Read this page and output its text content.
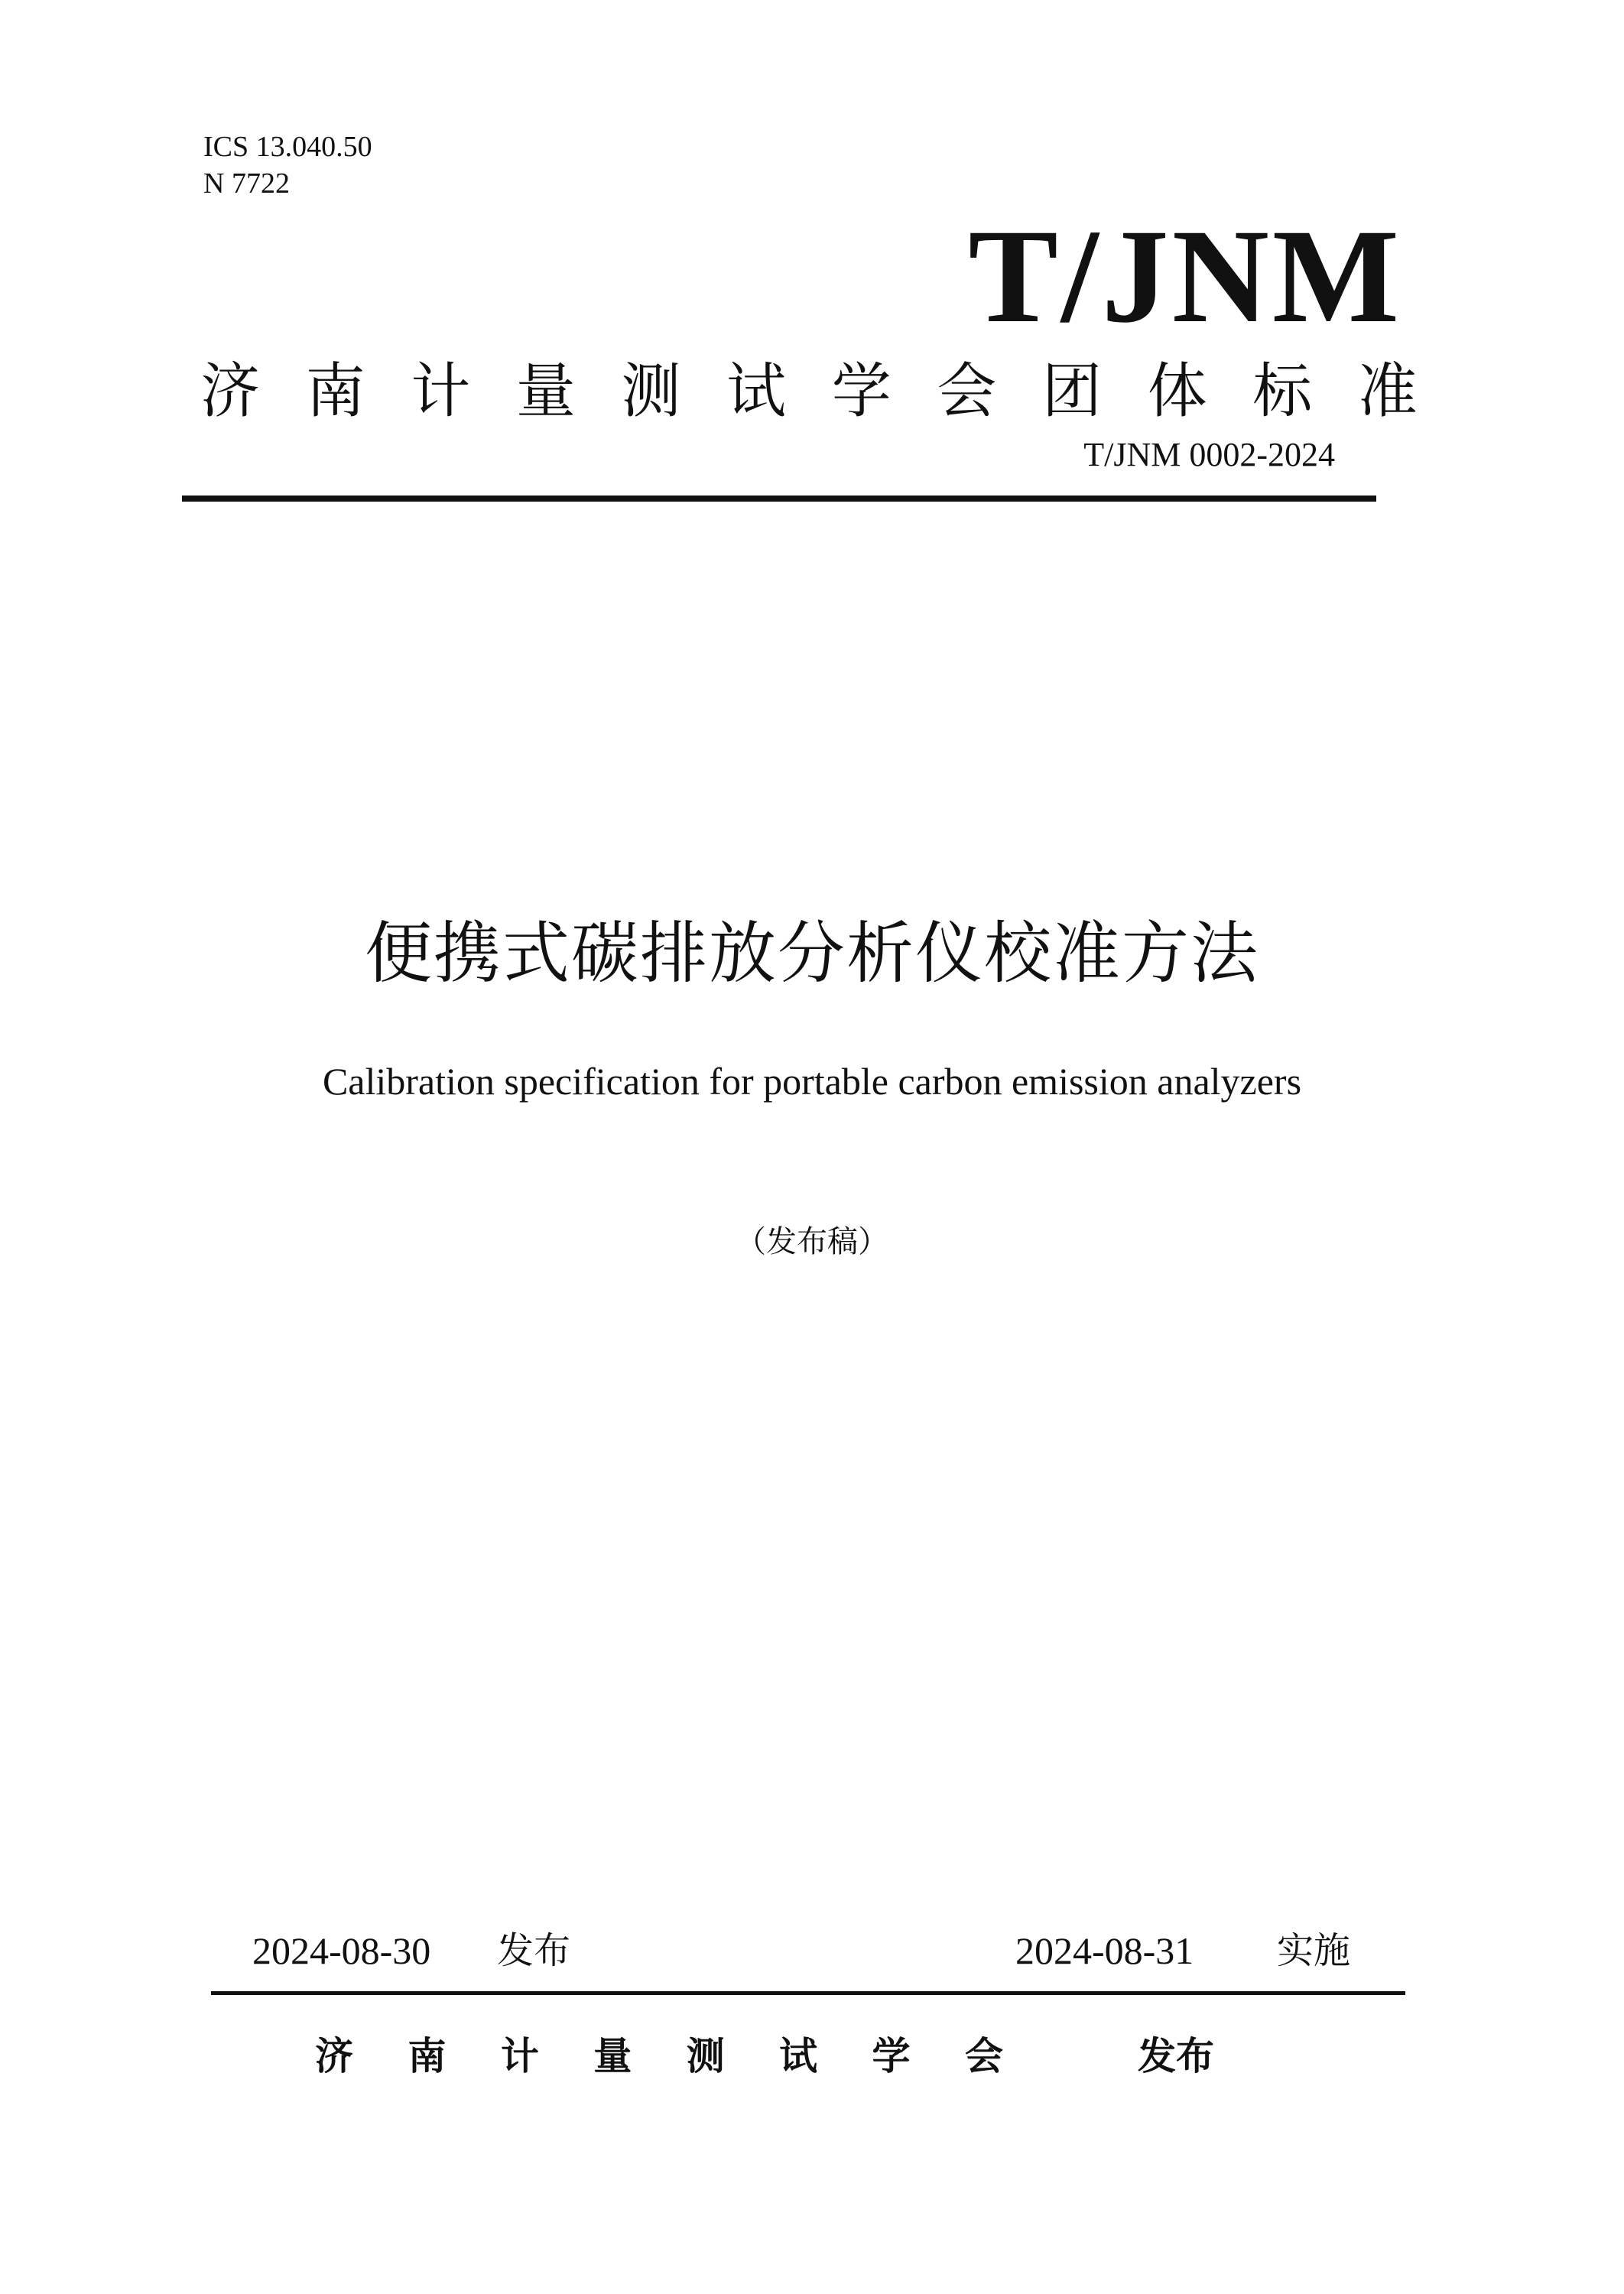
ICS 13.040.50
N 7722
T/JNM
济 南 计 量 测 试 学 会 团 体 标 准
T/JNM 0002-2024
便携式碳排放分析仪校准方法
Calibration specification for portable carbon emission analyzers
（发布稿）
2024-08-30 发布	2024-08-31 实施
济 南 计 量 测 试 学 会	发布
